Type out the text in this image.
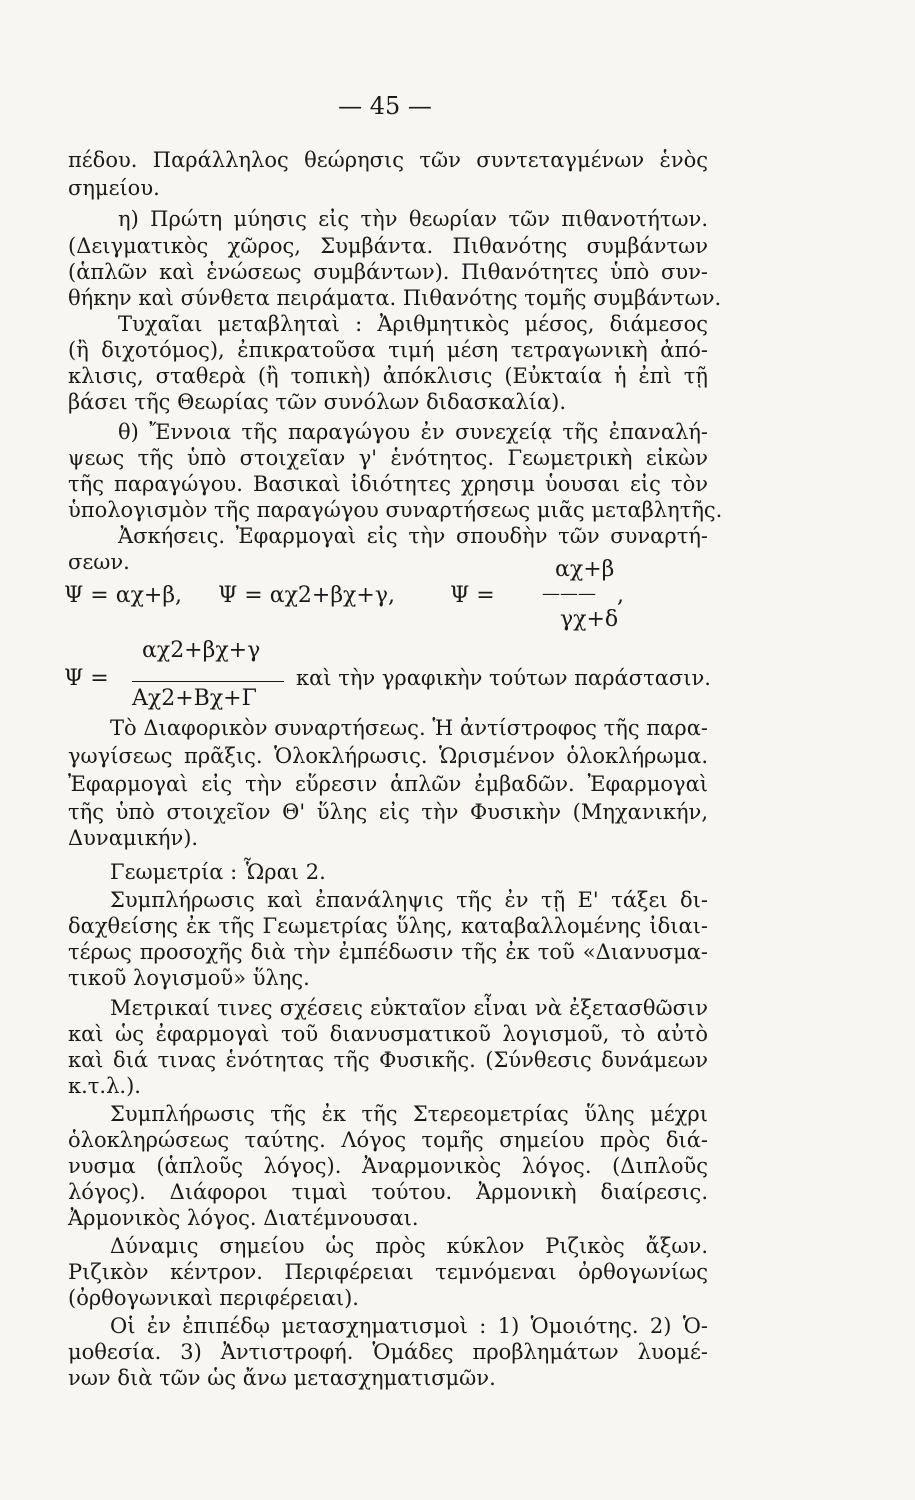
— 45 —
πέδου. Παράλληλος θεώρησις τῶν συντεταγμένων ἑνὸς
σημείου.
η) Πρώτη μύησις εἰς τὴν θεωρίαν τῶν πιθανοτήτων.
(Δειγματικὸς χῶρος, Συμβάντα. Πιθανότης συμβάντων
(ἁπλῶν καὶ ἑνώσεως συμβάντων). Πιθανότητες ὑπὸ συν-
θήκην καὶ σύνθετα πειράματα. Πιθανότης τομῆς συμβάντων.
Τυχαῖαι μεταβληταὶ : Ἀριθμητικὸς μέσος, διάμεσος
(ἢ διχοτόμος), ἐπικρατοῦσα τιμή μέση τετραγωνικὴ ἀπό-
κλισις, σταθερὰ (ἢ τοπικὴ) ἀπόκλισις (Εὐκταία ἡ ἐπὶ τῇ
βάσει τῆς Θεωρίας τῶν συνόλων διδασκαλία).
θ) Ἔννοια τῆς παραγώγου ἐν συνεχείᾳ τῆς ἐπαναλή-
ψεως τῆς ὑπὸ στοιχεῖαν γ' ἑνότητος. Γεωμετρικὴ εἰκὼν
τῆς παραγώγου. Βασικαὶ ἰδιότητες χρησιμ ὑουσαι εἰς τὸν
ὑπολογισμὸν τῆς παραγώγου συναρτήσεως μιᾶς μεταβλητῆς.
Ἀσκήσεις. Ἐφαρμογαὶ εἰς τὴν σπουδὴν τῶν συναρτή-
σεων.
Ψ = αχ+β, Ψ = αχ2+βχ+γ,	Ψ =
αχ+β
———
γχ+δ
,
Ψ =
αχ2+βχ+γ
Αχ2+Βχ+Γ
καὶ τὴν γραφικὴν τούτων παράστασιν.
Τὸ Διαφορικὸν συναρτήσεως. Ἡ ἀντίστροφος τῆς παρα-
γωγίσεως πρᾶξις. Ὁλοκλήρωσις. Ὡρισμένον ὁλοκλήρωμα.
Ἐφαρμογαὶ εἰς τὴν εὕρεσιν ἁπλῶν ἐμβαδῶν. Ἐφαρμογαὶ
τῆς ὑπὸ στοιχεῖον Θ' ὕλης εἰς τὴν Φυσικὴν (Μηχανικήν,
Δυναμικήν).
Γεωμετρία : Ὧραι 2.
Συμπλήρωσις καὶ ἐπανάληψις τῆς ἐν τῇ Ε' τάξει δι-
δαχθείσης ἐκ τῆς Γεωμετρίας ὕλης, καταβαλλομένης ἰδιαι-
τέρως προσοχῆς διὰ τὴν ἐμπέδωσιν τῆς ἐκ τοῦ «Διανυσμα-
τικοῦ λογισμοῦ» ὕλης.
Μετρικαί τινες σχέσεις εὐκταῖον εἶναι νὰ ἐξετασθῶσιν
καὶ ὡς ἐφαρμογαὶ τοῦ διανυσματικοῦ λογισμοῦ, τὸ αὐτὸ
καὶ διά τινας ἑνότητας τῆς Φυσικῆς. (Σύνθεσις δυνάμεων
κ.τ.λ.).
Συμπλήρωσις τῆς ἐκ τῆς Στερεομετρίας ὕλης μέχρι
ὁλοκληρώσεως ταύτης. Λόγος τομῆς σημείου πρὸς διά-
νυσμα (ἁπλοῦς λόγος). Ἀναρμονικὸς λόγος. (Διπλοῦς
λόγος). Διάφοροι τιμαὶ τούτου. Ἀρμονικὴ διαίρεσις.
Ἀρμονικὸς λόγος. Διατέμνουσαι.
Δύναμις σημείου ὡς πρὸς κύκλον Ριζικὸς ἄξων.
Ριζικὸν κέντρον. Περιφέρειαι τεμνόμεναι ὀρθογωνίως
(ὀρθογωνικαὶ περιφέρειαι).
Οἱ ἐν ἐπιπέδῳ μετασχηματισμοὶ : 1) Ὁμοιότης. 2) Ὁ-
μοθεσία. 3) Ἀντιστροφή. Ὁμάδες προβλημάτων λυομέ-
νων διὰ τῶν ὡς ἄνω μετασχηματισμῶν.
